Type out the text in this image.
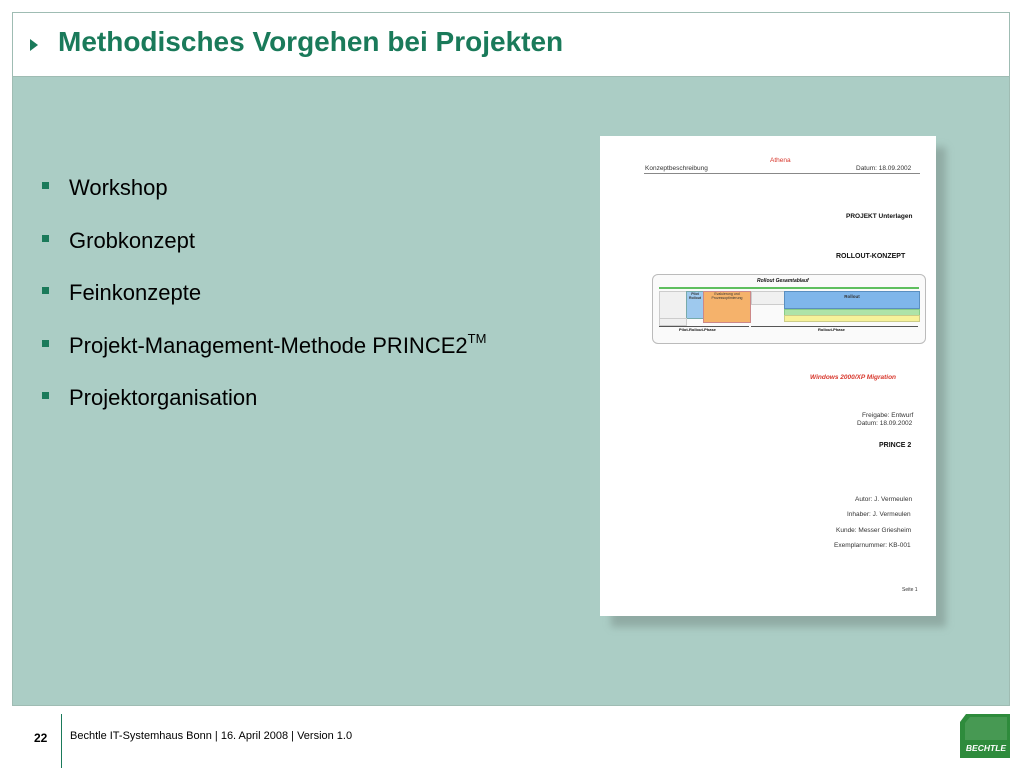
Methodisches Vorgehen bei Projekten
Workshop
Grobkonzept
Feinkonzepte
Projekt-Management-Methode PRINCE2™
Projektorganisation
Athena
Konzeptbeschreibung	Datum: 18.09.2002
PROJEKT Unterlagen
ROLLOUT-KONZEPT
Rollout Gesamtablauf
Pilot Rollout
Evaluierung und Prozessoptimierung	Rollout
Pilot-Rollout-Phase	Rollout-Phase
Windows 2000/XP Migration
Freigabe: Entwurf
Datum: 18.09.2002
PRINCE 2
Autor: J. Vermeulen
Inhaber: J. Vermeulen
Kunde: Messer Griesheim
Exemplarnummer: KB-001
Seite 1
22 Bechtle IT-Systemhaus Bonn | 16. April 2008 | Version 1.0
BECHTLE
